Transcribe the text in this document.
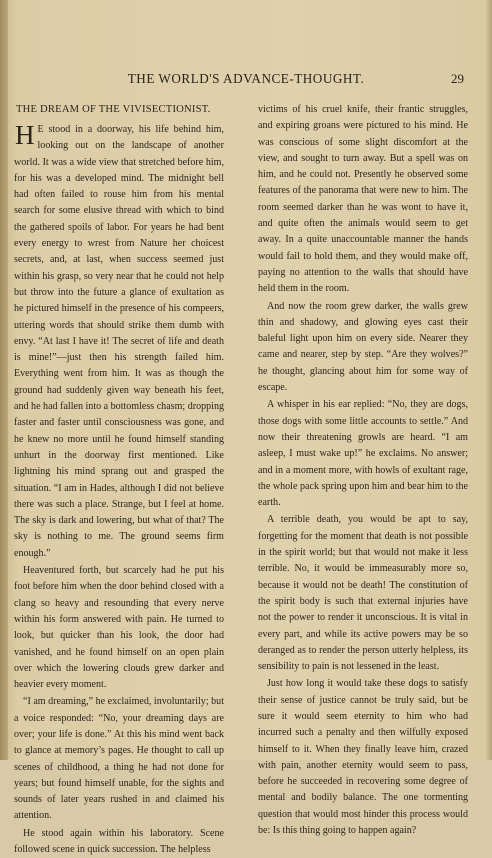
THE WORLD'S ADVANCE-THOUGHT.	29
THE DREAM OF THE VIVISECTIONIST.

H E stood in a doorway, his life behind him, looking out on the landscape of another world. It was a wide view that stretched before him, for his was a developed mind. The midnight bell had often failed to rouse him from his mental search for some elusive thread with which to bind the gathered spoils of labor. For years he had bent every energy to wrest from Nature her choicest secrets, and, at last, when success seemed just within his grasp, so very near that he could not help but throw into the future a glance of exultation as he pictured himself in the presence of his compeers, uttering words that should strike them dumb with envy. “At last I have it! The secret of life and death is mine!”—just then his strength failed him. Everything went from him. It was as though the ground had suddenly given way beneath his feet, and he had fallen into a bottomless chasm; dropping faster and faster until consciousness was gone, and he knew no more until he found himself standing unhurt in the doorway first mentioned. Like lightning his mind sprang out and grasped the situation. “I am in Hades, although I did not believe there was such a place. Strange, but I feel at home. The sky is dark and lowering, but what of that? The sky is nothing to me. The ground seems firm enough.”

Heaventured forth, but scarcely had he put his foot before him when the door behind closed with a clang so heavy and resounding that every nerve within his form answered with pain. He turned to look, but quicker than his look, the door had vanished, and he found himself on an open plain over which the lowering clouds grew darker and heavier every moment.

“I am dreaming,” he exclaimed, involuntarily; but a voice responded: “No, your dreaming days are over; your life is done.” At this his mind went back to glance at memory’s pages. He thought to call up scenes of childhood, a thing he had not done for years; but found himself unable, for the sights and sounds of later years rushed in and claimed his attention.

He stood again within his laboratory. Scene followed scene in quick succession. The helpless

victims of his cruel knife, their frantic struggles, and expiring groans were pictured to his mind. He was conscious of some slight discomfort at the view, and sought to turn away. But a spell was on him, and he could not. Presently he observed some features of the panorama that were new to him. The room seemed darker than he was wont to have it, and quite often the animals would seem to get away. In a quite unaccountable manner the hands would fail to hold them, and they would make off, paying no attention to the walls that should have held them in the room.

And now the room grew darker, the walls grew thin and shadowy, and glowing eyes cast their baleful light upon him on every side. Nearer they came and nearer, step by step. “Are they wolves?” he thought, glancing about him for some way of escape.

A whisper in his ear replied: “No, they are dogs, those dogs with some little accounts to settle.” And now their threatening growls are heard. “I am asleep, I must wake up!” he exclaims. No answer; and in a moment more, with howls of exultant rage, the whole pack spring upon him and bear him to the earth.

A terrible death, you would be apt to say, forgetting for the moment that death is not possible in the spirit world; but that would not make it less terrible. No, it would be immeasurably more so, because it would not be death! The constitution of the spirit body is such that external injuries have not the power to render it unconscious. It is vital in every part, and while its active powers may be so deranged as to render the person utterly helpless, its sensibility to pain is not lessened in the least.

Just how long it would take these dogs to satisfy their sense of justice cannot be truly said, but be sure it would seem eternity to him who had incurred such a penalty and then wilfully exposed himself to it. When they finally leave him, crazed with pain, another eternity would seem to pass, before he succeeded in recovering some degree of mental and bodily balance. The one tormenting question that would most hinder this process would be: Is this thing going to happen again?
